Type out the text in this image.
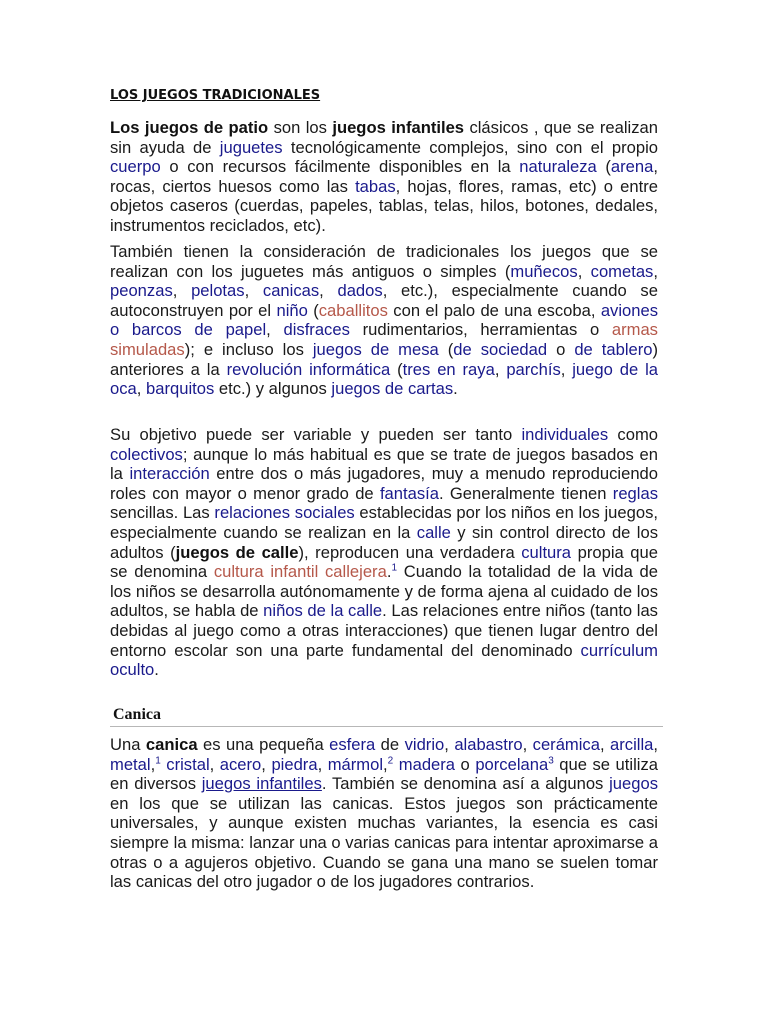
LOS JUEGOS TRADICIONALES

Los juegos de patio son los juegos infantiles clásicos , que se realizan sin ayuda de juguetes tecnológicamente complejos, sino con el propio cuerpo o con recursos fácilmente disponibles en la naturaleza (arena, rocas, ciertos huesos como las tabas, hojas, flores, ramas, etc) o entre objetos caseros (cuerdas, papeles, tablas, telas, hilos, botones, dedales, instrumentos reciclados, etc).

También tienen la consideración de tradicionales los juegos que se realizan con los juguetes más antiguos o simples (muñecos, cometas, peonzas, pelotas, canicas, dados, etc.), especialmente cuando se autoconstruyen por el niño (caballitos con el palo de una escoba, aviones o barcos de papel, disfraces rudimentarios, herramientas o armas simuladas); e incluso los juegos de mesa (de sociedad o de tablero) anteriores a la revolución informática (tres en raya, parchís, juego de la oca, barquitos etc.) y algunos juegos de cartas.

Su objetivo puede ser variable y pueden ser tanto individuales como colectivos; aunque lo más habitual es que se trate de juegos basados en la interacción entre dos o más jugadores, muy a menudo reproduciendo roles con mayor o menor grado de fantasía. Generalmente tienen reglas sencillas. Las relaciones sociales establecidas por los niños en los juegos, especialmente cuando se realizan en la calle y sin control directo de los adultos (juegos de calle), reproducen una verdadera cultura propia que se denomina cultura infantil callejera.$^1$ Cuando la totalidad de la vida de los niños se desarrolla autónomamente y de forma ajena al cuidado de los adultos, se habla de niños de la calle. Las relaciones entre niños (tanto las debidas al juego como a otras interacciones) que tienen lugar dentro del entorno escolar son una parte fundamental del denominado currículum oculto.

Canica

Una canica es una pequeña esfera de vidrio, alabastro, cerámica, arcilla, metal,$^1$ cristal, acero, piedra, mármol,$^2$ madera o porcelana$^3$ que se utiliza en diversos juegos infantiles. También se denomina así a algunos juegos en los que se utilizan las canicas. Estos juegos son prácticamente universales, y aunque existen muchas variantes, la esencia es casi siempre la misma: lanzar una o varias canicas para intentar aproximarse a otras o a agujeros objetivo. Cuando se gana una mano se suelen tomar las canicas del otro jugador o de los jugadores contrarios.
